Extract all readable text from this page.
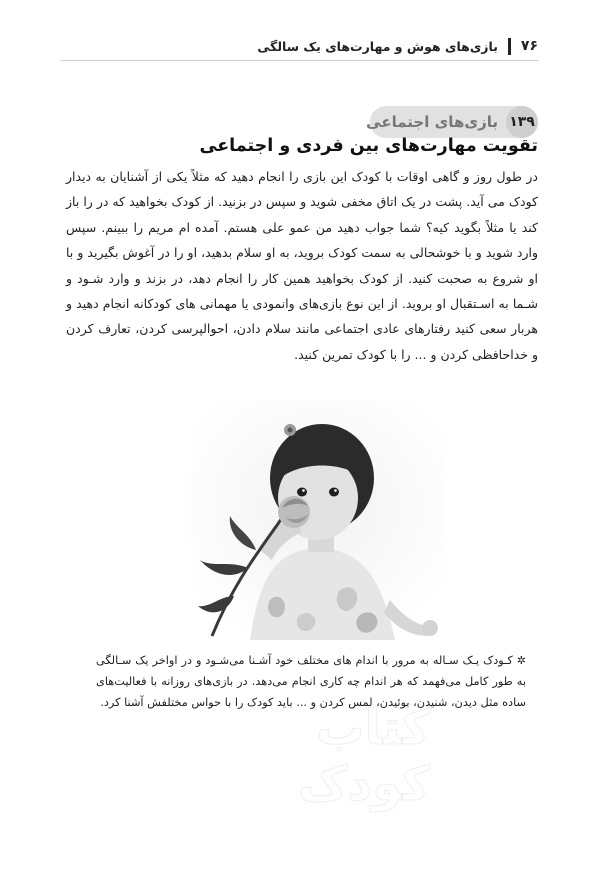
۷۶
بازی‌های هوش و مهارت‌های یک سالگی
۱۳۹
بازی‌های اجتماعی
تقویت مهارت‌های بین فردی و اجتماعی

در طول روز و گاهی اوقات با کودک این بازی را انجام دهید که مثلاً یکی از آشنایان به دیدار کودک می آید. پشت در یک اتاق مخفی شوید و سپس در بزنید. از کودک بخواهید که در را باز کند یا مثلاً بگوید کیه؟ شما جواب دهید من عمو علی هستم. آمده ام مریم را ببینم. سپس وارد شوید و با خوشحالی به سمت کودک بروید، به او سلام بدهید، او را در آغوش بگیرید و با او شروع به صحبت کنید. از کودک بخواهید همین کار را انجام دهد، در بزند و وارد شـود و شـما به اسـتقبال او بروید. از این نوع بازی‌های وانمودی یا مهمانی های کودکانه انجام دهید و هربار سعی کنید رفتارهای عادی اجتماعی مانند سلام دادن، احوالپرسی کردن، تعارف کردن و خداحافظی کردن و ... را با کودک تمرین کنید.

✲کـودک یـک سـاله به مرور با اندام های مختلف خود آشـنا می‌شـود و در اواخر یک سـالگی به طور کامل می‌فهمد که هر اندام چه کاری انجام می‌دهد. در بازی‌های روزانه با فعالیت‌های ساده مثل دیدن، شنیدن، بوئیدن، لمس کردن و ... باید کودک را با حواس مختلفش آشنا کرد.

کتاب کودک
